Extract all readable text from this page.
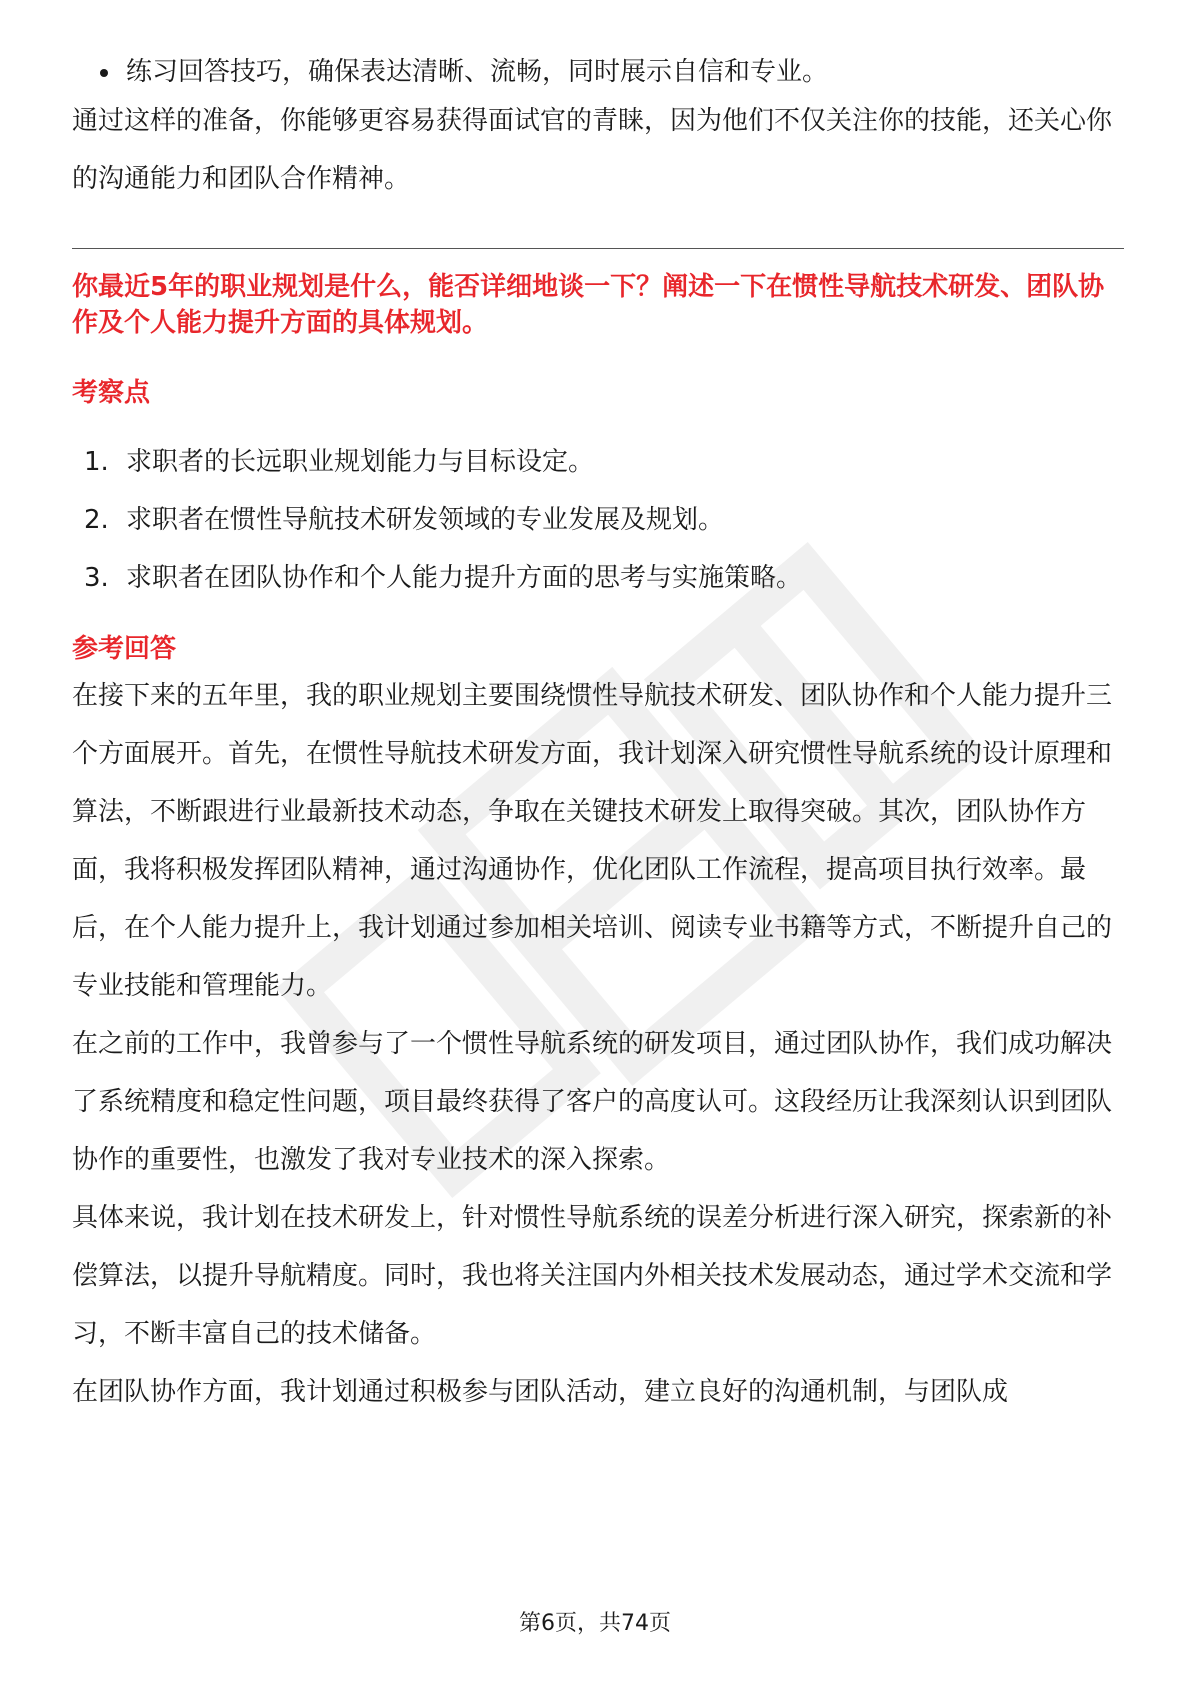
练习回答技巧，确保表达清晰、流畅，同时展示自信和专业。

通过这样的准备，你能够更容易获得面试官的青睐，因为他们不仅关注你的技能，还关心你的沟通能力和团队合作精神。

你最近5年的职业规划是什么，能否详细地谈一下？阐述一下在惯性导航技术研发、团队协作及个人能力提升方面的具体规划。
考察点
1. 求职者的长远职业规划能力与目标设定。
2. 求职者在惯性导航技术研发领域的专业发展及规划。
3. 求职者在团队协作和个人能力提升方面的思考与实施策略。
参考回答

在接下来的五年里，我的职业规划主要围绕惯性导航技术研发、团队协作和个人能力提升三个方面展开。首先，在惯性导航技术研发方面，我计划深入研究惯性导航系统的设计原理和算法，不断跟进行业最新技术动态，争取在关键技术研发上取得突破。其次，团队协作方面，我将积极发挥团队精神，通过沟通协作，优化团队工作流程，提高项目执行效率。最后，在个人能力提升上，我计划通过参加相关培训、阅读专业书籍等方式，不断提升自己的专业技能和管理能力。

在之前的工作中，我曾参与了一个惯性导航系统的研发项目，通过团队协作，我们成功解决了系统精度和稳定性问题，项目最终获得了客户的高度认可。这段经历让我深刻认识到团队协作的重要性，也激发了我对专业技术的深入探索。

具体来说，我计划在技术研发上，针对惯性导航系统的误差分析进行深入研究，探索新的补偿算法，以提升导航精度。同时，我也将关注国内外相关技术发展动态，通过学术交流和学习，不断丰富自己的技术储备。

在团队协作方面，我计划通过积极参与团队活动，建立良好的沟通机制，与团队成

第6页，共74页
